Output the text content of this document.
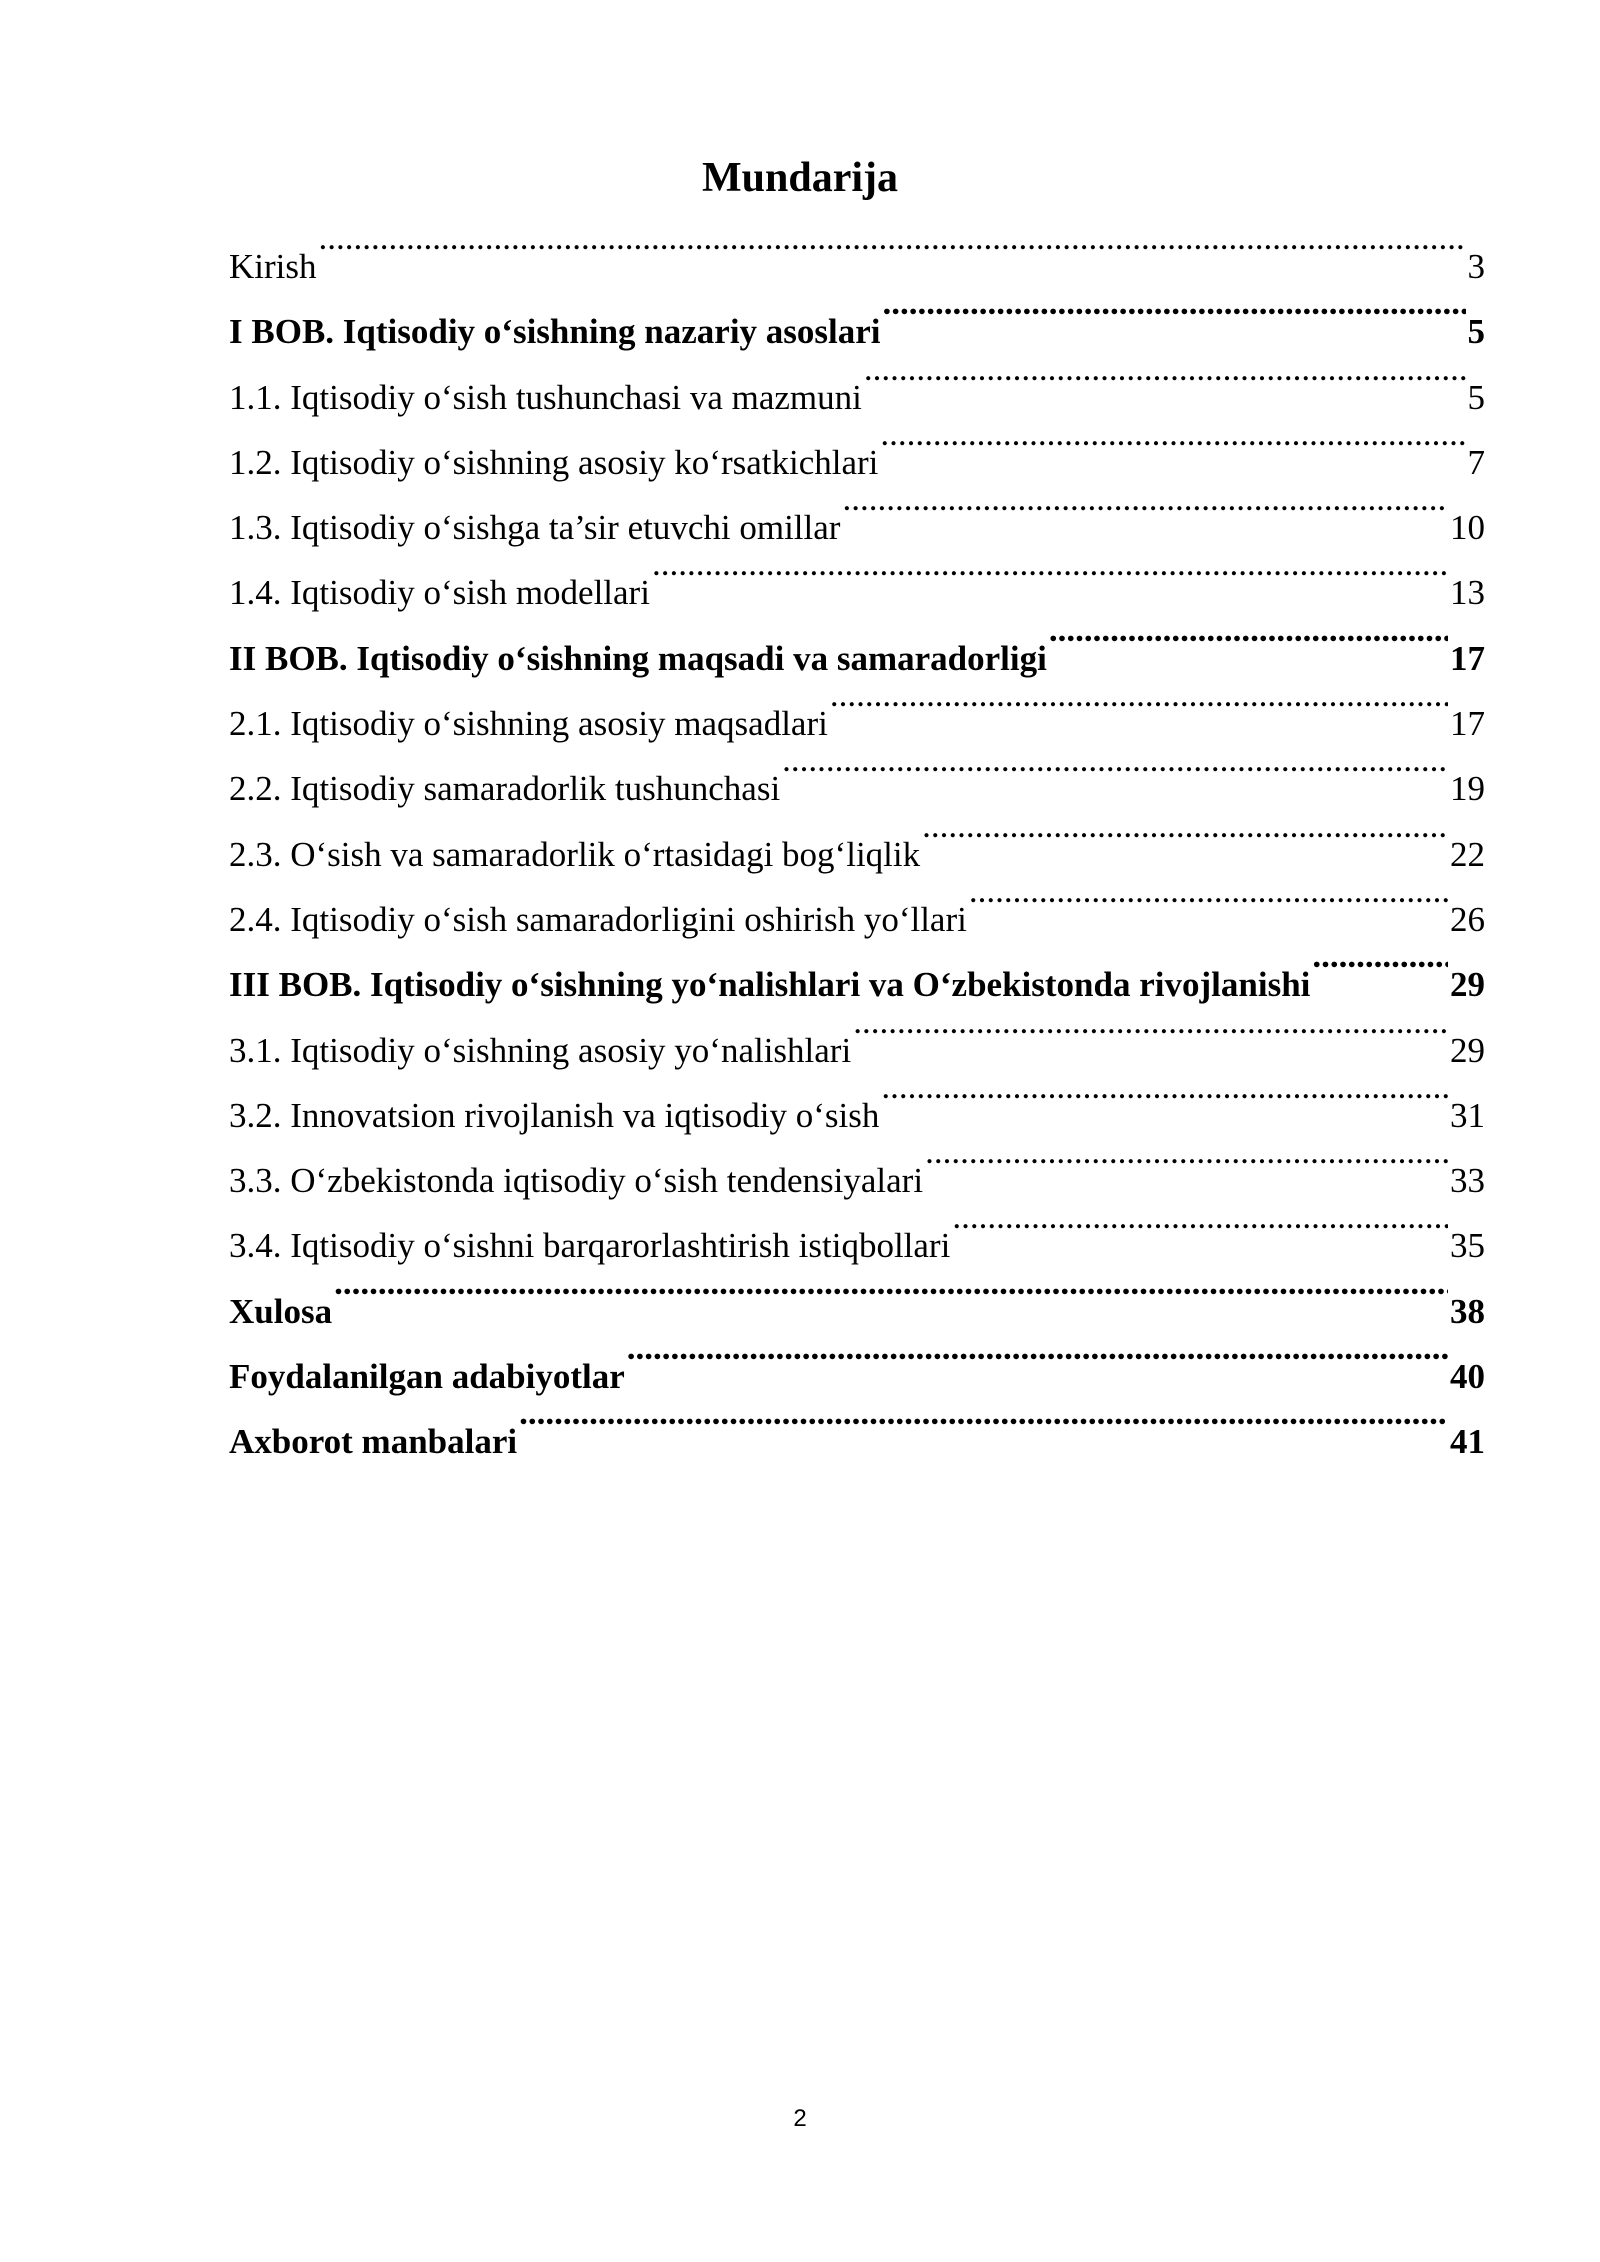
Mundarija
Kirish .....	3
I BOB. Iqtisodiy o‘sishning nazariy asoslari .....	5
1.1. Iqtisodiy o‘sish tushunchasi va mazmuni .....	5
1.2. Iqtisodiy o‘sishning asosiy ko‘rsatkichlari .....	7
1.3. Iqtisodiy o‘sishga ta’sir etuvchi omillar .....	10
1.4. Iqtisodiy o‘sish modellari .....	13
II BOB. Iqtisodiy o‘sishning maqsadi va samaradorligi .....	17
2.1. Iqtisodiy o‘sishning asosiy maqsadlari .....	17
2.2. Iqtisodiy samaradorlik tushunchasi .....	19
2.3. O‘sish va samaradorlik o‘rtasidagi bog‘liqlik .....	22
2.4. Iqtisodiy o‘sish samaradorligini oshirish yo‘llari .....	26
III BOB. Iqtisodiy o‘sishning yo‘nalishlari va O‘zbekistonda rivojlanishi .....	29
3.1. Iqtisodiy o‘sishning asosiy yo‘nalishlari .....	29
3.2. Innovatsion rivojlanish va iqtisodiy o‘sish .....	31
3.3. O‘zbekistonda iqtisodiy o‘sish tendensiyalari .....	33
3.4. Iqtisodiy o‘sishni barqarorlashtirish istiqbollari .....	35
Xulosa .....	38
Foydalanilgan adabiyotlar .....	40
Axborot manbalari .....	41
2
